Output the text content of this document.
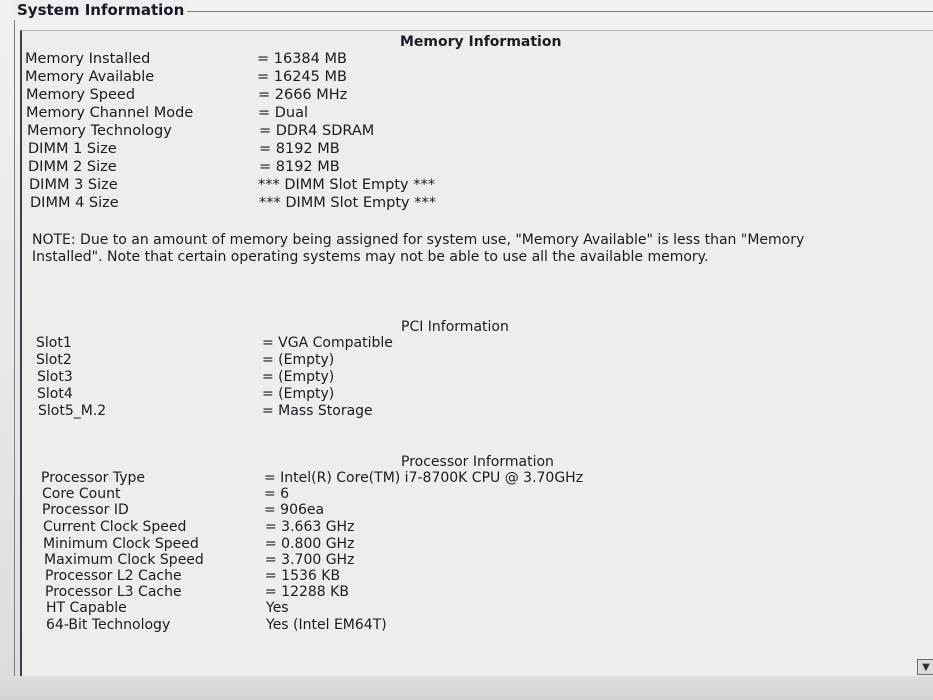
System Information
Memory Information
Memory Installed	= 16384 MB
Memory Available	= 16245 MB
Memory Speed	= 2666 MHz
Memory Channel Mode	= Dual
Memory Technology	= DDR4 SDRAM
DIMM 1 Size	= 8192 MB
DIMM 2 Size	= 8192 MB
DIMM 3 Size	*** DIMM Slot Empty ***
DIMM 4 Size	*** DIMM Slot Empty ***
NOTE: Due to an amount of memory being assigned for system use, "Memory Available" is less than "Memory Installed". Note that certain operating systems may not be able to use all the available memory.
PCI Information
Slot1	= VGA Compatible
Slot2	= (Empty)
Slot3	= (Empty)
Slot4	= (Empty)
Slot5_M.2	= Mass Storage
Processor Information
Processor Type	= Intel(R) Core(TM) i7-8700K CPU @ 3.70GHz
Core Count	= 6
Processor ID	= 906ea
Current Clock Speed	= 3.663 GHz
Minimum Clock Speed	= 0.800 GHz
Maximum Clock Speed	= 3.700 GHz
Processor L2 Cache	= 1536 KB
Processor L3 Cache	= 12288 KB
HT Capable	Yes
64-Bit Technology	Yes (Intel EM64T)
▼
